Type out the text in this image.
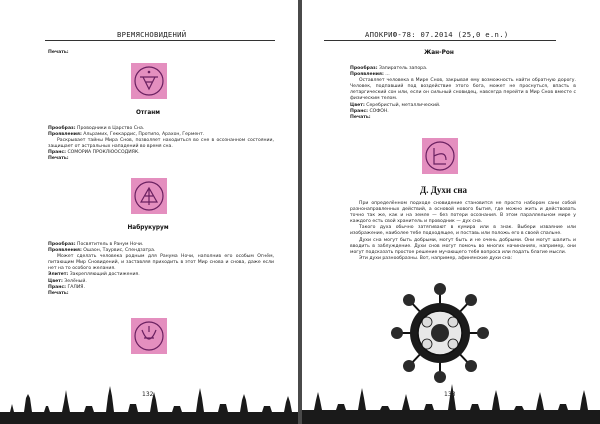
ВРЕМЯСНОВИДЕНИЙ
Печать:
Отганм

Прообраз: Проводники в Царство Сна.

Проявления: Альрамих, Геккардис, Протипо, Арахон, Гермент.

Раскрывает тайны Мира Снов, позволяет находиться во сне в осознанном состоянии, защищает от астральных нападений во время сна.

Пранс: СОМОРИА ПРОКЛЮОСОДИЯК.

Печать:

Набрукурум

Прообраз: Посвятитель в Ранум Ночи.

Проявления: Ошаон, Таурвис, Спендзатра.

Может сделать человека родным для Ранума Ночи, наполнив его особым Огнём, питающим Мир Сновидений, и заставляя приходить в этот Мир снова и снова, даже если нет на то особого желания.

Элитет: Закрепляющий достижения.

Цвет: Зелёный.

Пранс: ГАЛИЯ.

Печать:

132
АПОКРИФ-78: 07.2014 (25,0 e.n.)
Жан-Рон

Прообраз: Запиратель запора.

Проявления: ...

Оставляет человека в Мире Снов, закрывая ему возможность найти обратную дорогу. Человек, подпавший под воздействие этого бога, может не проснуться, впасть в летаргический сон или, если он сильный сновидец, навсегда перейти в Мир Снов вместе с физическим телом.

Цвет: Серебристый, металлический.

Пранс: СОФОН.

Печать:

Д. Духи сна

При определённом подходе сновидение становится не просто набором сани собой разнонаправленных действий, а основой нового бытия, где можно жить и действовать точно так же, как и на земле — без потери осознания. В этом параллельном мире у каждого есть свой хранитель и проводник — дух сна.

Такого духа обычно затягивают в кумира или в знак. Выбери изваяние или изображение, наиболее тебе подходящее, и поставь или положь его в своей спальне.

Духи сна могут быть добрыми, могут быть и не очень добрыми. Они могут шалить и вводить в заблуждение. Духи снов могут помочь во многих начинаниях, например, они могут подсказать простое решение мучающего тебя вопроса или подать благие мысли.

Эти духи разнообразны. Вот, например, афинянские духи сна:

133
